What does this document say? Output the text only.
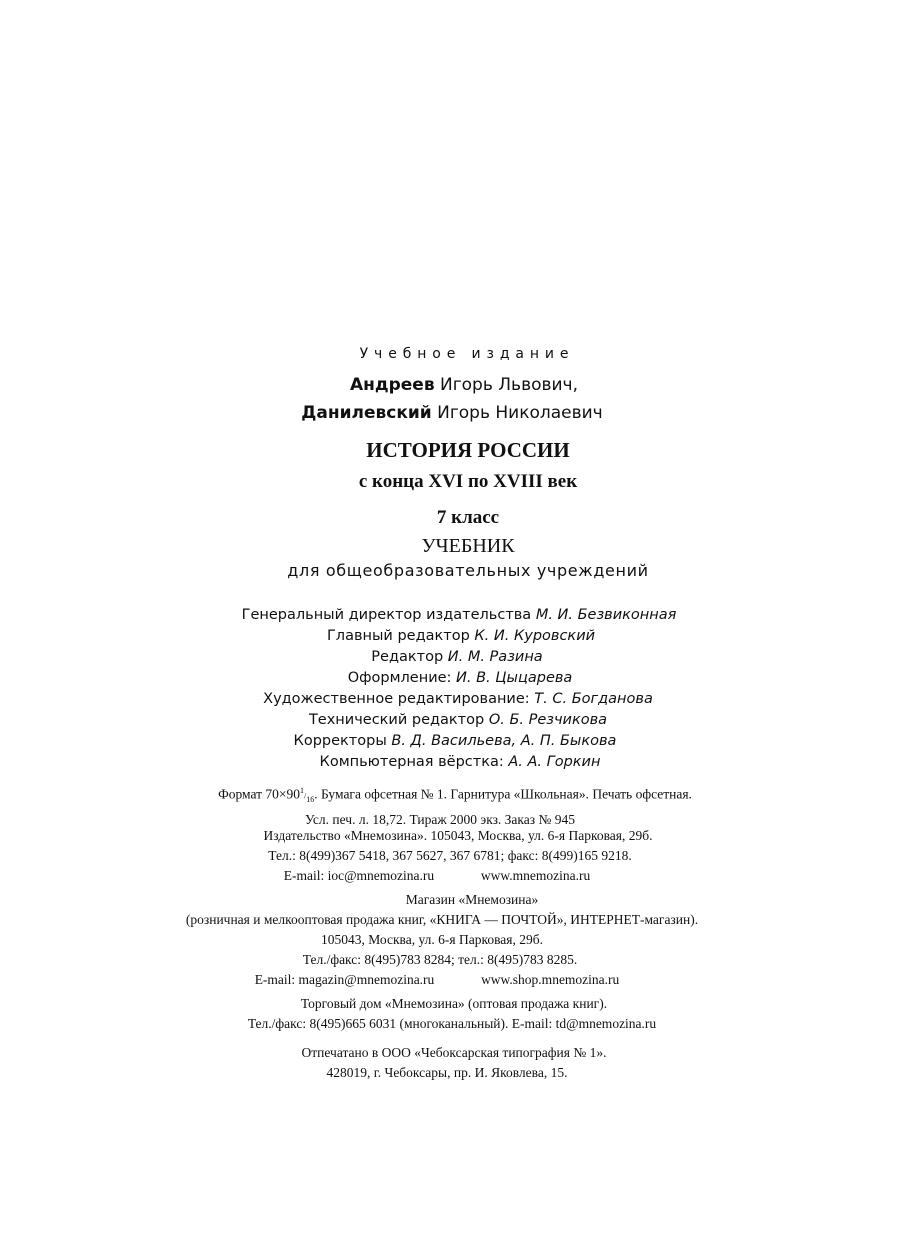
Учебное издание
Андреев Игорь Львович,
Данилевский Игорь Николаевич
ИСТОРИЯ РОССИИ
с конца XVI по XVIII век
7 класс
УЧЕБНИК
для общеобразовательных учреждений
Генеральный директор издательства М. И. Безвиконная
Главный редактор К. И. Куровский
Редактор И. М. Разина
Оформление: И. В. Цыцарева
Художественное редактирование: Т. С. Богданова
Технический редактор О. Б. Резчикова
Корректоры В. Д. Васильева, А. П. Быкова
Компьютерная вёрстка: А. А. Горкин
Формат $70\times 90^1/_{16}$. Бумага офсетная № 1. Гарнитура «Школьная». Печать офсетная.
Усл. печ. л. 18,72. Тираж 2000 экз. Заказ № 945
Издательство «Мнемозина». 105043, Москва, ул. 6-я Парковая, 29б.
Тел.: 8(499)367 5418, 367 5627, 367 6781; факс: 8(499)165 9218.
E-mail: ioc@mnemozina.ru	www.mnemozina.ru
Магазин «Мнемозина»
(розничная и мелкооптовая продажа книг, «КНИГА — ПОЧТОЙ», ИНТЕРНЕТ-магазин).
105043, Москва, ул. 6-я Парковая, 29б.
Тел./факс: 8(495)783 8284; тел.: 8(495)783 8285.
E-mail: magazin@mnemozina.ru	www.shop.mnemozina.ru
Торговый дом «Мнемозина» (оптовая продажа книг).
Тел./факс: 8(495)665 6031 (многоканальный). E-mail: td@mnemozina.ru
Отпечатано в ООО «Чебоксарская типография № 1».
428019, г. Чебоксары, пр. И. Яковлева, 15.
